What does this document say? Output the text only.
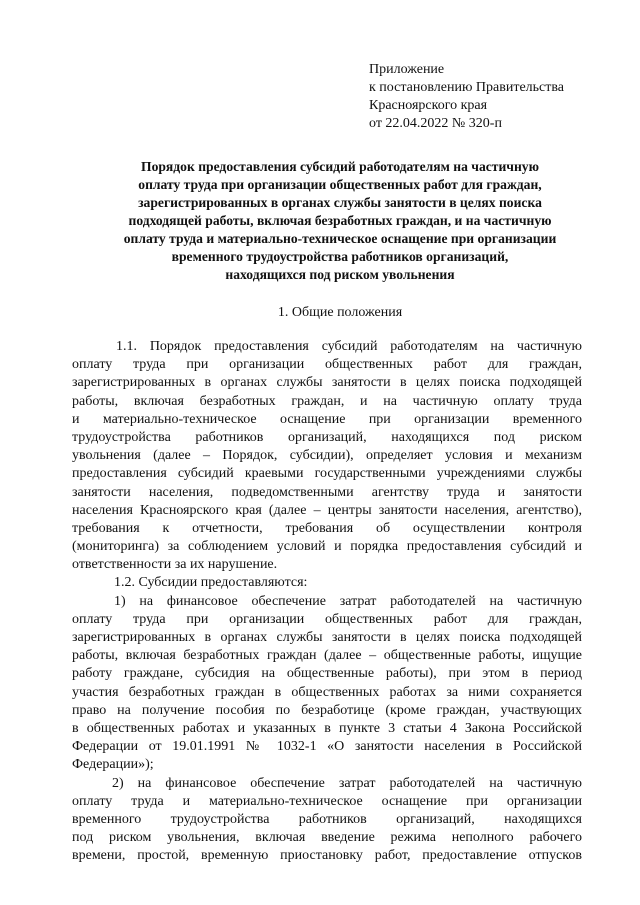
Приложение
к постановлению Правительства
Красноярского края
от 22.04.2022 № 320-п
Порядок предоставления субсидий работодателям на частичную
оплату труда при организации общественных работ для граждан,
зарегистрированных в органах службы занятости в целях поиска
подходящей работы, включая безработных граждан, и на частичную
оплату труда и материально-техническое оснащение при организации
временного трудоустройства работников организаций,
находящихся под риском увольнения
1. Общие положения
1.1. Порядок предоставления субсидий работодателям на частичную
оплату труда при организации общественных работ для граждан,
зарегистрированных в органах службы занятости в целях поиска подходящей
работы, включая безработных граждан, и на частичную оплату труда
и материально-техническое оснащение при организации временного
трудоустройства работников организаций, находящихся под риском
увольнения (далее – Порядок, субсидии), определяет условия и механизм
предоставления субсидий краевыми государственными учреждениями службы
занятости населения, подведомственными агентству труда и занятости
населения Красноярского края (далее – центры занятости населения, агентство),
требования к отчетности, требования об осуществлении контроля
(мониторинга) за соблюдением условий и порядка предоставления субсидий и
ответственности за их нарушение.
1.2. Субсидии предоставляются:
1) на финансовое обеспечение затрат работодателей на частичную
оплату труда при организации общественных работ для граждан,
зарегистрированных в органах службы занятости в целях поиска подходящей
работы, включая безработных граждан (далее – общественные работы, ищущие
работу граждане, субсидия на общественные работы), при этом в период
участия безработных граждан в общественных работах за ними сохраняется
право на получение пособия по безработице (кроме граждан, участвующих
в общественных работах и указанных в пункте 3 статьи 4 Закона Российской
Федерации от 19.01.1991 № 1032-1 «О занятости населения в Российской
Федерации»);
2) на финансовое обеспечение затрат работодателей на частичную
оплату труда и материально-техническое оснащение при организации
временного трудоустройства работников организаций, находящихся
под риском увольнения, включая введение режима неполного рабочего
времени, простой, временную приостановку работ, предоставление отпусков
